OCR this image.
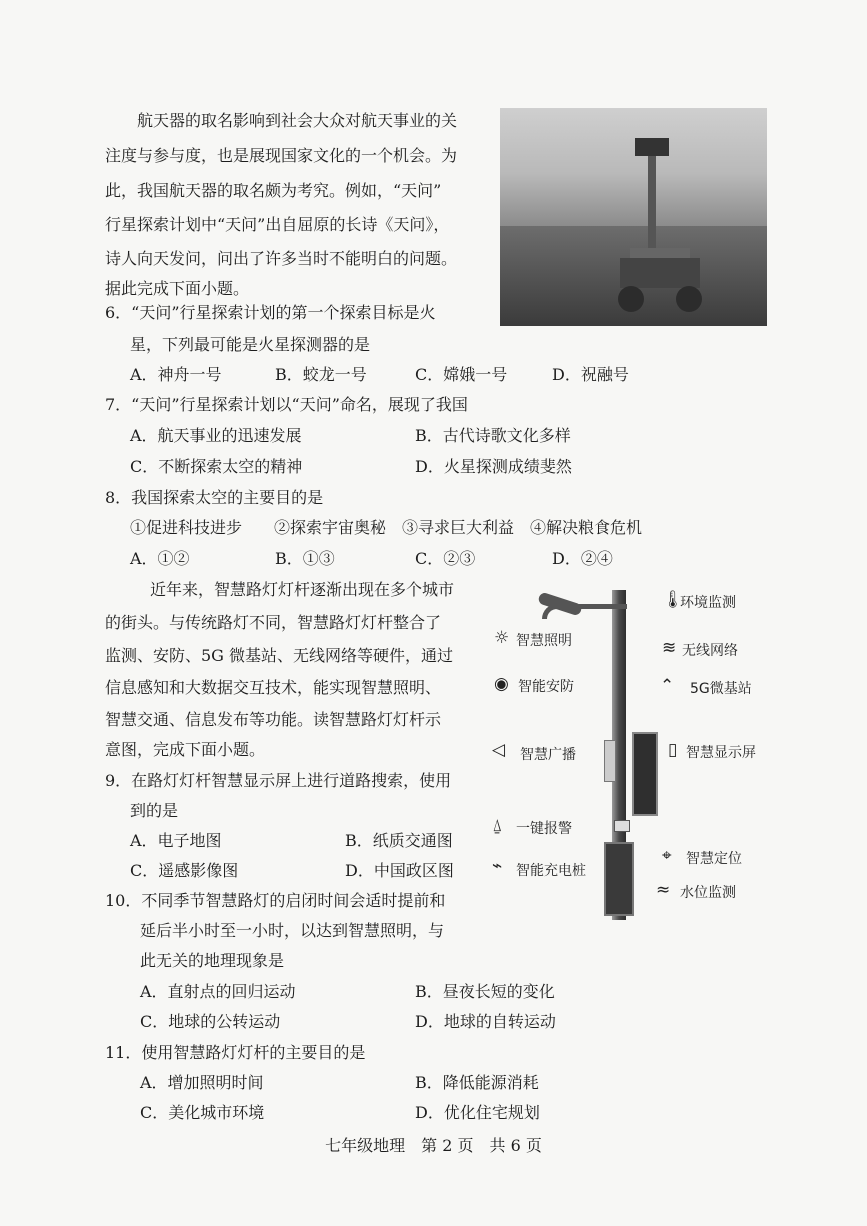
航天器的取名影响到社会大众对航天事业的关
注度与参与度，也是展现国家文化的一个机会。为
此，我国航天器的取名颇为考究。例如，“天问”
行星探索计划中“天问”出自屈原的长诗《天问》，
诗人向天发问，问出了许多当时不能明白的问题。
据此完成下面小题。
6．“天问”行星探索计划的第一个探索目标是火
星，下列最可能是火星探测器的是
A．神舟一号	B．蛟龙一号	C．嫦娥一号	D．祝融号
7．“天问”行星探索计划以“天问”命名，展现了我国
A．航天事业的迅速发展	B．古代诗歌文化多样
C．不断探索太空的精神	D．火星探测成绩斐然
8．我国探索太空的主要目的是
①促进科技进步　　②探索宇宙奥秘　③寻求巨大利益　④解决粮食危机
A．①②	B．①③	C．②③	D．②④
近年来，智慧路灯灯杆逐渐出现在多个城市
的街头。与传统路灯不同，智慧路灯灯杆整合了
监测、安防、5G 微基站、无线网络等硬件，通过
信息感知和大数据交互技术，能实现智慧照明、
智慧交通、信息发布等功能。读智慧路灯灯杆示
意图，完成下面小题。
🌡
环境监测
☼ 智慧照明	≋ 无线网络
◉ 智能安防	⌃ 5G微基站
◁ 智慧广播	▯ 智慧显示屏
⍙ 一键报警
⌖ 智慧定位
⌁ 智能充电桩
≈ 水位监测
9．在路灯灯杆智慧显示屏上进行道路搜索，使用
到的是
A．电子地图	B．纸质交通图
C．遥感影像图	D．中国政区图
10．不同季节智慧路灯的启闭时间会适时提前和
延后半小时至一小时，以达到智慧照明，与
此无关的地理现象是
A．直射点的回归运动	B．昼夜长短的变化
C．地球的公转运动	D．地球的自转运动
11．使用智慧路灯灯杆的主要目的是
A．增加照明时间	B．降低能源消耗
C．美化城市环境	D．优化住宅规划
七年级地理　第 2 页　共 6 页
